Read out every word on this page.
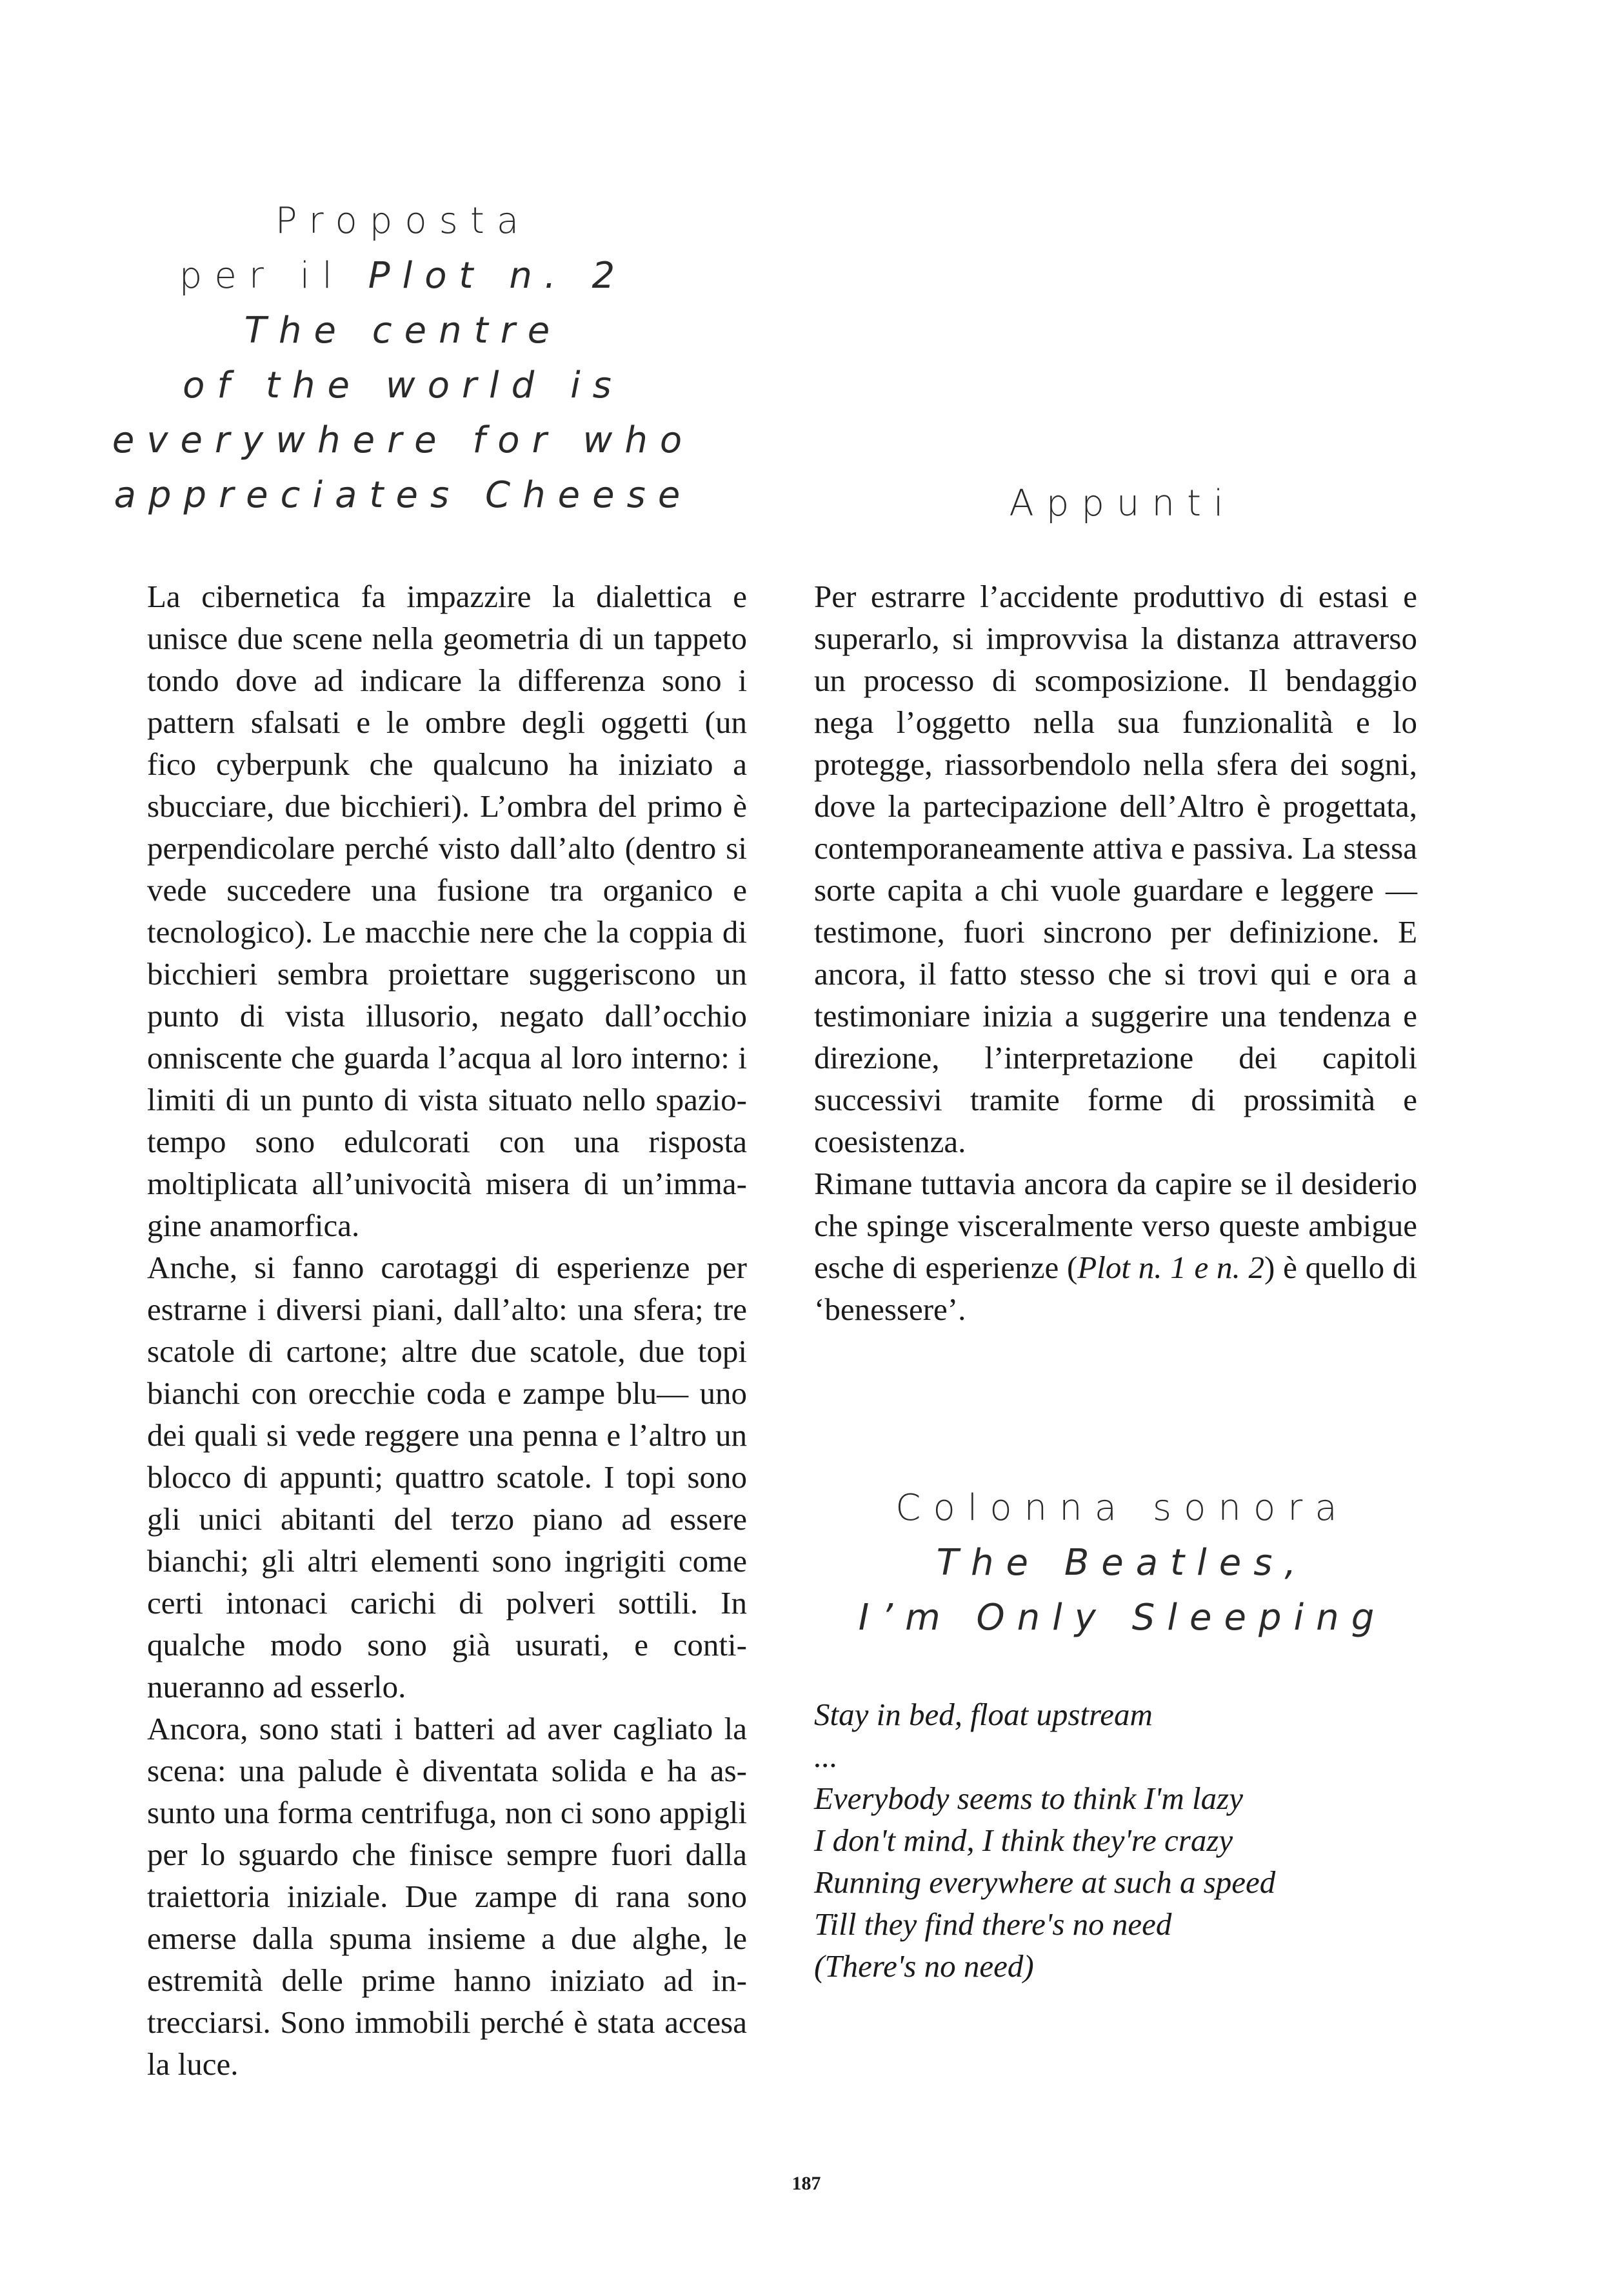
Proposta
per il Plot n. 2
The centre
of the world is
everywhere for who
appreciates Cheese	Appunti

La cibernetica fa impazzire la dialettica e unisce due scene nella geometria di un tappeto tondo dove ad indicare la differenza sono i pattern sfalsati e le ombre degli oggetti (un fico cyberpunk che qualcuno ha iniziato a sbucciare, due bicchieri). L’ombra del primo è perpendicolare perché visto dall’alto (dentro si vede succedere una fusione tra organico e tecnologico). Le macchie nere che la coppia di bicchieri sembra proiettare suggeriscono un punto di vista illusorio, negato dall’occhio onniscente che guarda l’acqua al loro interno: i limiti di un punto di vista situato nello spazio-tempo sono edulcorati con una risposta moltiplicata all’univocità misera di un’immagine anamorfica.

Anche, si fanno carotaggi di esperienze per estrarne i diversi piani, dall’alto: una sfera; tre scatole di cartone; altre due scatole, due topi bianchi con orecchie coda e zampe blu— uno dei quali si vede reggere una penna e l’altro un blocco di appunti; quattro scatole. I topi sono gli unici abitanti del terzo piano ad essere bianchi; gli altri elementi sono ingrigiti come certi intonaci carichi di polveri sottili. In qualche modo sono già usurati, e continueranno ad esserlo.

Ancora, sono stati i batteri ad aver cagliato la scena: una palude è diventata solida e ha assunto una forma centrifuga, non ci sono appigli per lo sguardo che finisce sempre fuori dalla traiettoria iniziale. Due zampe di rana sono emerse dalla spuma insieme a due alghe, le estremità delle prime hanno iniziato ad intrecciarsi. Sono immobili perché è stata accesa la luce.

Per estrarre l’accidente produttivo di estasi e superarlo, si improvvisa la distanza attraverso un processo di scomposizione. Il bendaggio nega l’oggetto nella sua funzionalità e lo protegge, riassorbendolo nella sfera dei sogni, dove la partecipazione dell’Altro è progettata, contemporaneamente attiva e passiva. La stessa sorte capita a chi vuole guardare e leggere — testimone, fuori sincrono per definizione. E ancora, il fatto stesso che si trovi qui e ora a testimoniare inizia a suggerire una tendenza e direzione, l’interpretazione dei capitoli successivi tramite forme di prossimità e coesistenza.

Rimane tuttavia ancora da capire se il desiderio che spinge visceralmente verso queste ambigue esche di esperienze (Plot n. 1 e n. 2) è quello di ‘benessere’.

Colonna sonora
The Beatles,
I’m Only Sleeping
Stay in bed, float upstream
...
Everybody seems to think I'm lazy
I don't mind, I think they're crazy
Running everywhere at such a speed
Till they find there's no need
(There's no need)
187
